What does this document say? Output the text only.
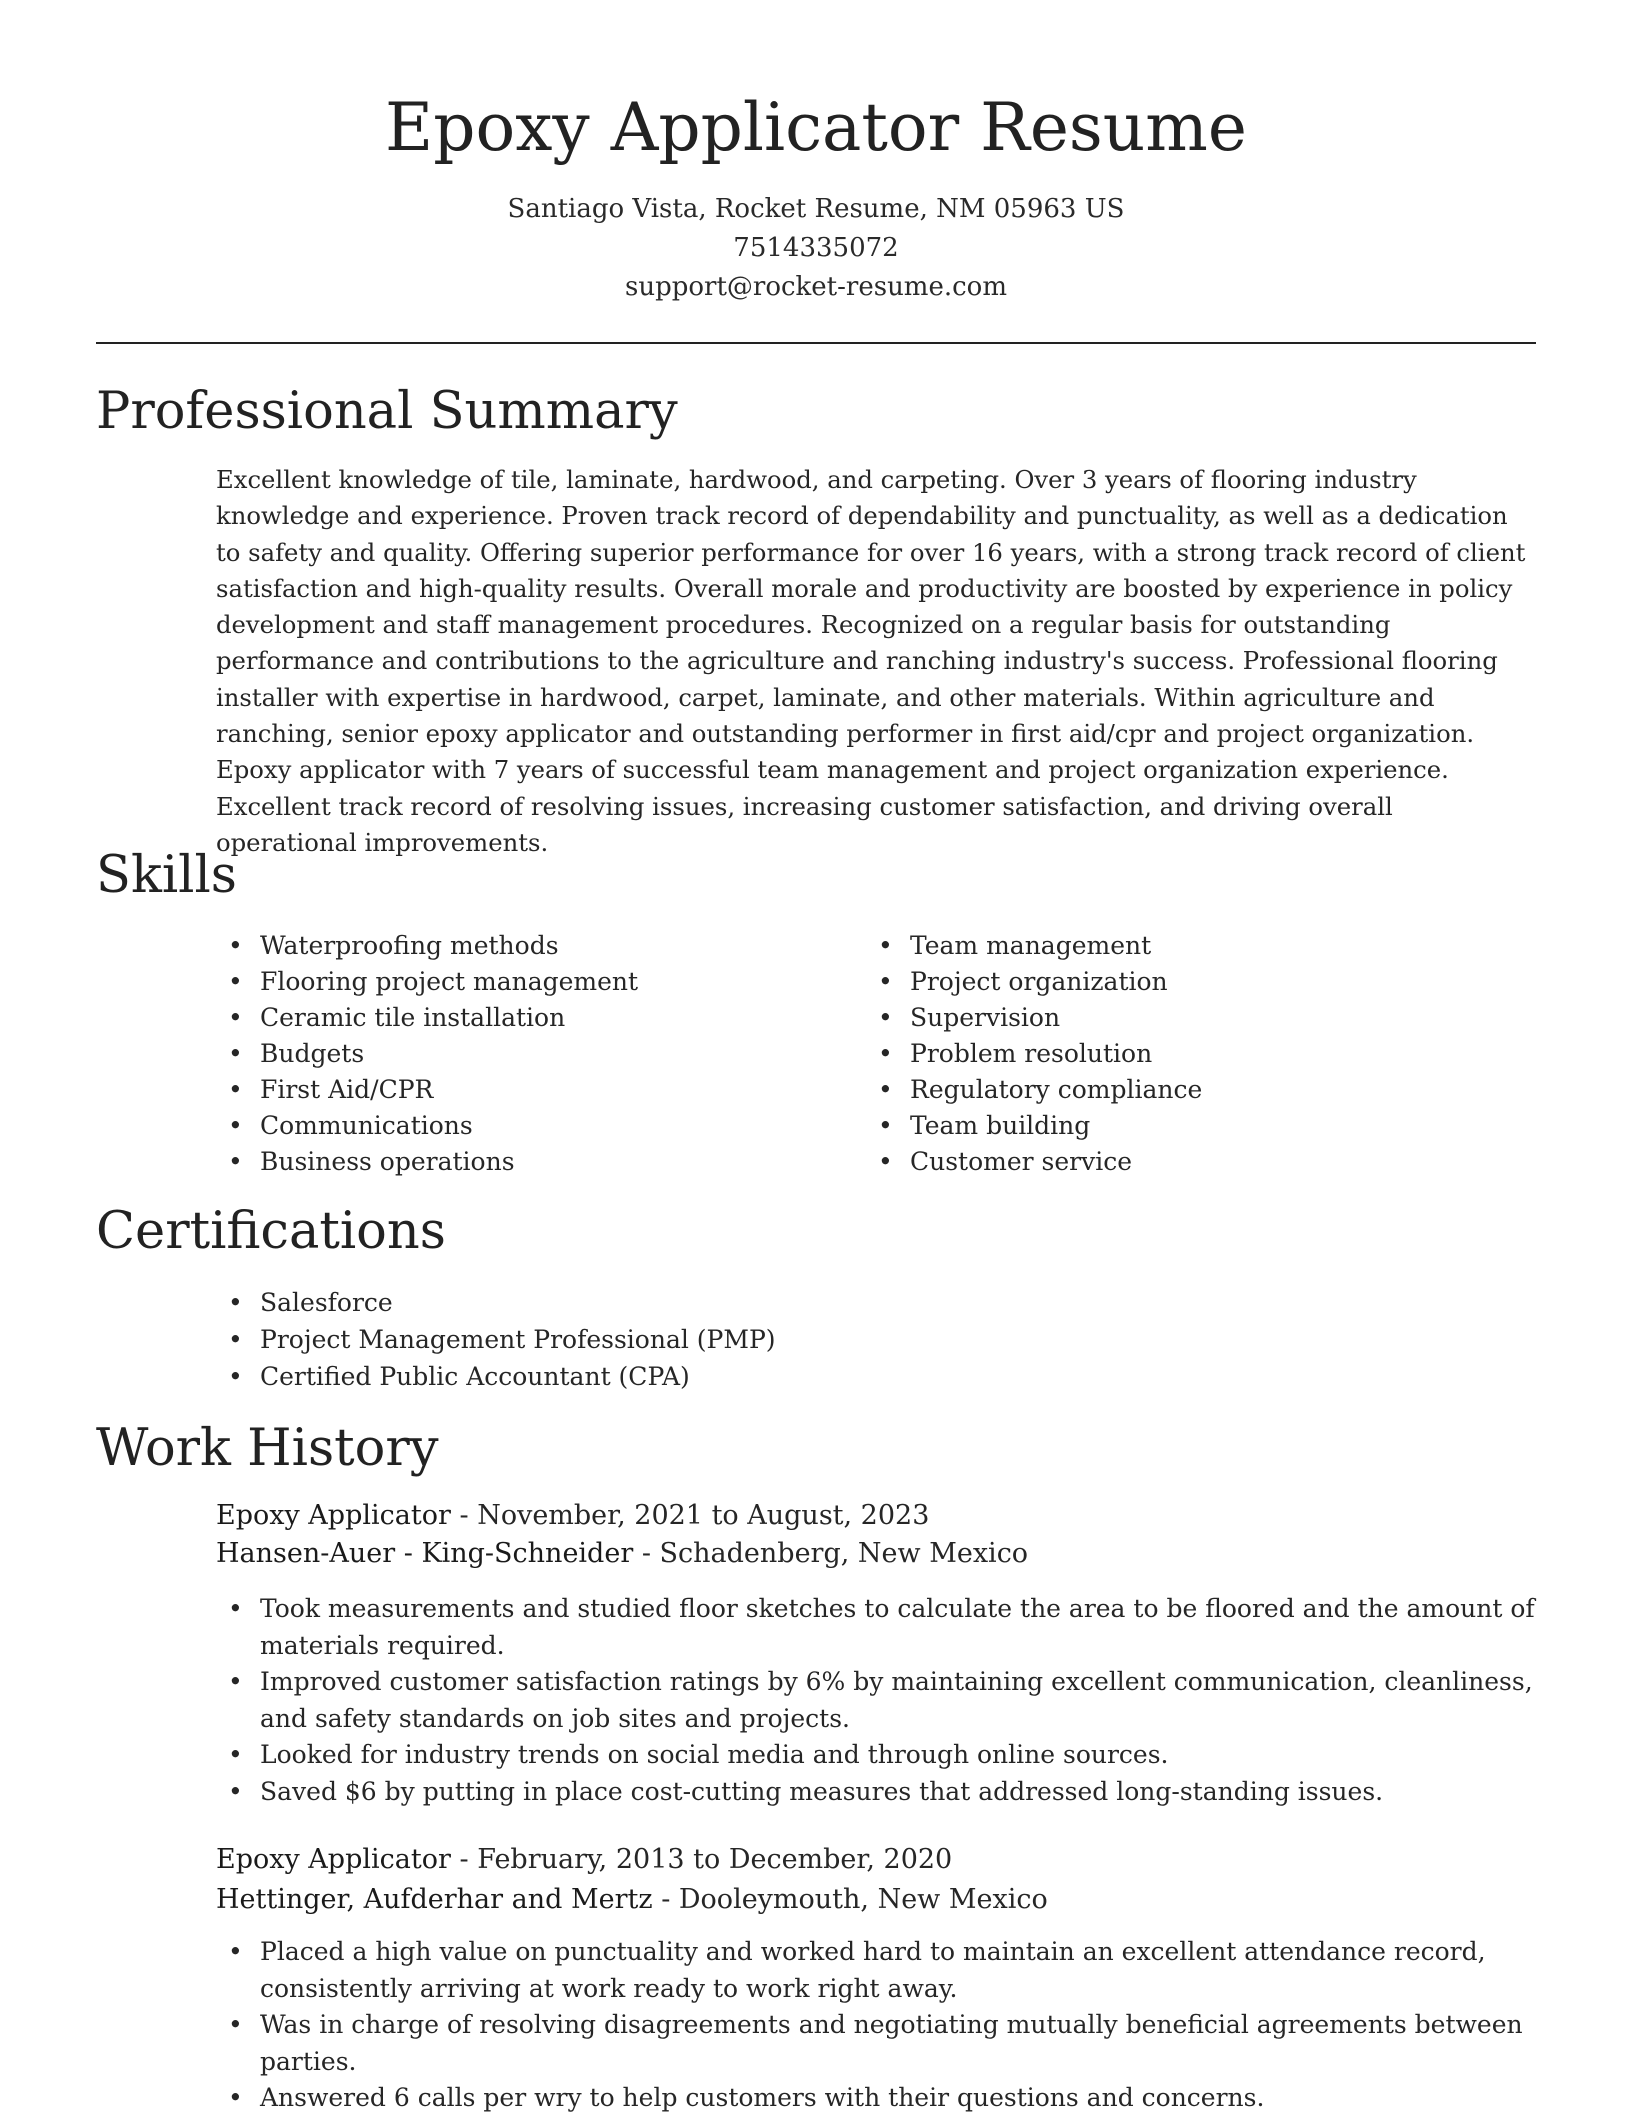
Epoxy Applicator Resume
Santiago Vista, Rocket Resume, NM 05963 US
7514335072
support@rocket-resume.com
Professional Summary

Excellent knowledge of tile, laminate, hardwood, and carpeting. Over 3 years of flooring industry knowledge and experience. Proven track record of dependability and punctuality, as well as a dedication to safety and quality. Offering superior performance for over 16 years, with a strong track record of client satisfaction and high-quality results. Overall morale and productivity are boosted by experience in policy development and staff management procedures. Recognized on a regular basis for outstanding performance and contributions to the agriculture and ranching industry's success. Professional flooring installer with expertise in hardwood, carpet, laminate, and other materials. Within agriculture and ranching, senior epoxy applicator and outstanding performer in first aid/cpr and project organization. Epoxy applicator with 7 years of successful team management and project organization experience. Excellent track record of resolving issues, increasing customer satisfaction, and driving overall operational improvements.

Skills
• Waterproofing methods
• Flooring project management
• Ceramic tile installation
• Budgets
• First Aid/CPR
• Communications
• Business operations
• Team management
• Project organization
• Supervision
• Problem resolution
• Regulatory compliance
• Team building
• Customer service
Certifications
• Salesforce
• Project Management Professional (PMP)
• Certified Public Accountant (CPA)
Work History
Epoxy Applicator - November, 2021 to August, 2023
Hansen-Auer - King-Schneider - Schadenberg, New Mexico
• Took measurements and studied floor sketches to calculate the area to be floored and the amount of materials required.
• Improved customer satisfaction ratings by 6% by maintaining excellent communication, cleanliness, and safety standards on job sites and projects.
• Looked for industry trends on social media and through online sources.
• Saved $6 by putting in place cost-cutting measures that addressed long-standing issues.
Epoxy Applicator - February, 2013 to December, 2020
Hettinger, Aufderhar and Mertz - Dooleymouth, New Mexico
• Placed a high value on punctuality and worked hard to maintain an excellent attendance record, consistently arriving at work ready to work right away.
• Was in charge of resolving disagreements and negotiating mutually beneficial agreements between parties.
• Answered 6 calls per wry to help customers with their questions and concerns.
